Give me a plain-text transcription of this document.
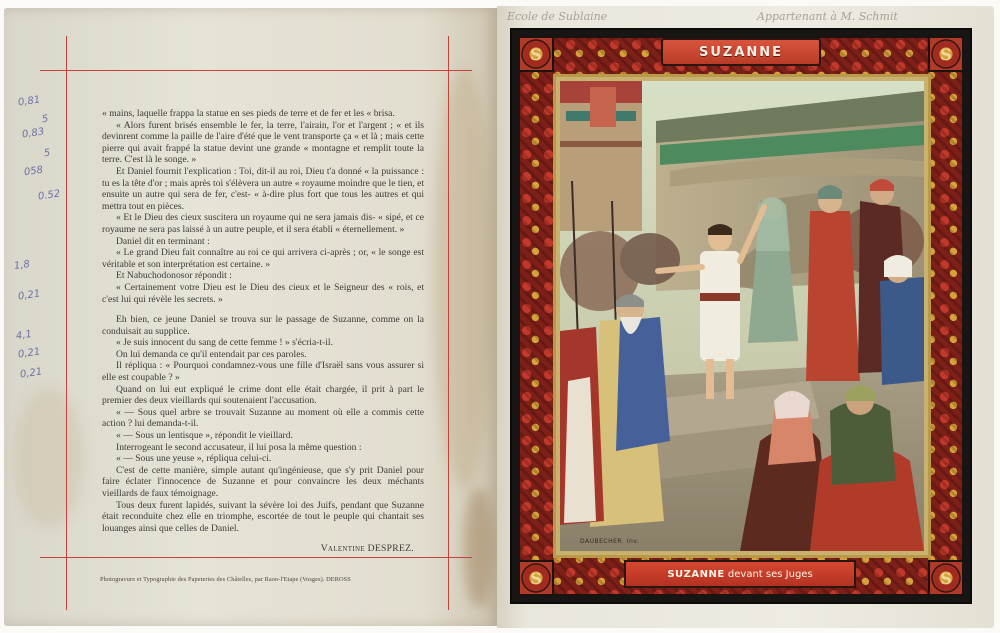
0,81
5
0,83
5
058
0.52
1,8
0,21
4,1
0,21
0,21

« mains, laquelle frappa la statue en ses pieds de terre et de fer et les « brisa.

« Alors furent brisés ensemble le fer, la terre, l'airain, l'or et l'argent ; « et ils devinrent comme la paille de l'aire d'été que le vent transporte ça « et là ; mais cette pierre qui avait frappé la statue devint une grande « montagne et remplit toute la terre. C'est là le songe. »

Et Daniel fournit l'explication : Toi, dit-il au roi, Dieu t'a donné « la puissance : tu es la tête d'or ; mais après toi s'élèvera un autre « royaume moindre que le tien, et ensuite un autre qui sera de fer, c'est- « à-dire plus fort que tous les autres et qui mettra tout en pièces.

« Et le Dieu des cieux suscitera un royaume qui ne sera jamais dis- « sipé, et ce royaume ne sera pas laissé à un autre peuple, et il sera établi « éternellement. »

Daniel dit en terminant :

« Le grand Dieu fait connaître au roi ce qui arrivera ci-après ; or, « le songe est véritable et son interprétation est certaine. »

Et Nabuchodonosor répondit :

« Certainement votre Dieu est le Dieu des cieux et le Seigneur des « rois, et c'est lui qui révèle les secrets. »

Eh bien, ce jeune Daniel se trouva sur le passage de Suzanne, comme on la conduisait au supplice.

« Je suis innocent du sang de cette femme ! » s'écria-t-il.

On lui demanda ce qu'il entendait par ces paroles.

Il répliqua : « Pourquoi condamnez-vous une fille d'Israël sans vous assurer si elle est coupable ? »

Quand on lui eut expliqué le crime dont elle était chargée, il prit à part le premier des deux vieillards qui soutenaient l'accusation.

« — Sous quel arbre se trouvait Suzanne au moment où elle a commis cette action ? lui demanda-t-il.

« — Sous un lentisque », répondit le vieillard.

Interrogeant le second accusateur, il lui posa la même question :

« — Sous une yeuse », répliqua celui-ci.

C'est de cette manière, simple autant qu'ingénieuse, que s'y prit Daniel pour faire éclater l'innocence de Suzanne et pour convaincre les deux méchants vieillards de faux témoignage.

Tous deux furent lapidés, suivant la sévère loi des Juifs, pendant que Suzanne était reconduite chez elle en triomphe, escortée de tout le peuple qui chantait ses louanges ainsi que celles de Daniel.

Valentine DESPREZ.

Photogravure et Typographie des Papeteries des Châtelles, par Raon-l'Etape (Vosges). DEROSS
Ecole de Sublaine	Appartenant à M. Schmit
S	S
S	S
SUZANNE
DAUBECHER. Inv.
SUZANNE devant ses Juges
